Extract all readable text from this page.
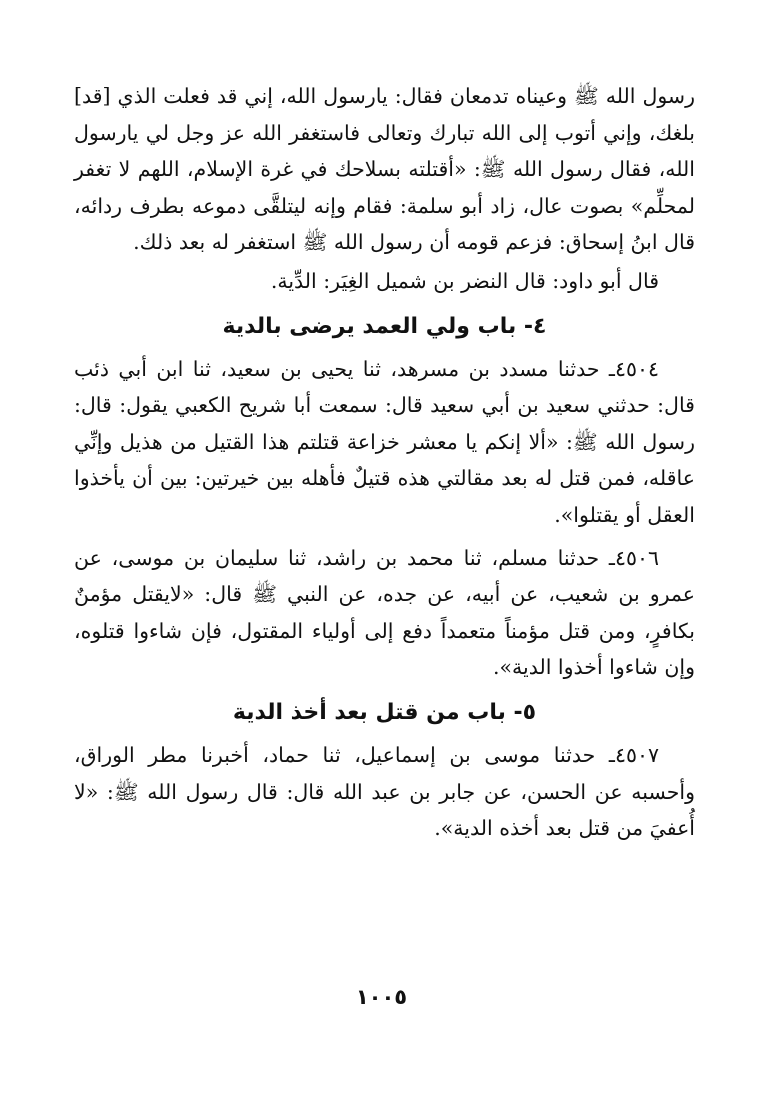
رسول الله ﷺ وعيناه تدمعان فقال: يارسول الله، إني قد فعلت الذي [قد] بلغك، وإني أتوب إلى الله تبارك وتعالى فاستغفر الله عز وجل لي يارسول الله، فقال رسول الله ﷺ: «أقتلته بسلاحك في غرة الإسلام، اللهم لا تغفر لمحلِّم» بصوت عال، زاد أبو سلمة: فقام وإنه ليتلقَّى دموعه بطرف ردائه، قال ابنُ إسحاق: فزعم قومه أن رسول الله ﷺ استغفر له بعد ذلك.

قال أبو داود: قال النضر بن شميل الغِيَر: الدِّية.

٤- باب ولي العمد يرضى بالدية

٤٥٠٤ـ حدثنا مسدد بن مسرهد، ثنا يحيى بن سعيد، ثنا ابن أبي ذئب قال: حدثني سعيد بن أبي سعيد قال: سمعت أبا شريح الكعبي يقول: قال: رسول الله ﷺ: «ألا إنكم يا معشر خزاعة قتلتم هذا القتيل من هذيل وإنِّي عاقله، فمن قتل له بعد مقالتي هذه قتيلٌ فأهله بين خيرتين: بين أن يأخذوا العقل أو يقتلوا».

٤٥٠٦ـ حدثنا مسلم، ثنا محمد بن راشد، ثنا سليمان بن موسى، عن عمرو بن شعيب، عن أبيه، عن جده، عن النبي ﷺ قال: «لايقتل مؤمنٌ بكافرٍ، ومن قتل مؤمناً متعمداً دفع إلى أولياء المقتول، فإن شاءوا قتلوه، وإن شاءوا أخذوا الدية».

٥- باب من قتل بعد أخذ الدية

٤٥٠٧ـ حدثنا موسى بن إسماعيل، ثنا حماد، أخبرنا مطر الوراق، وأحسبه عن الحسن، عن جابر بن عبد الله قال: قال رسول الله ﷺ: «لا أُعفيَ من قتل بعد أخذه الدية».

١٠٠٥
